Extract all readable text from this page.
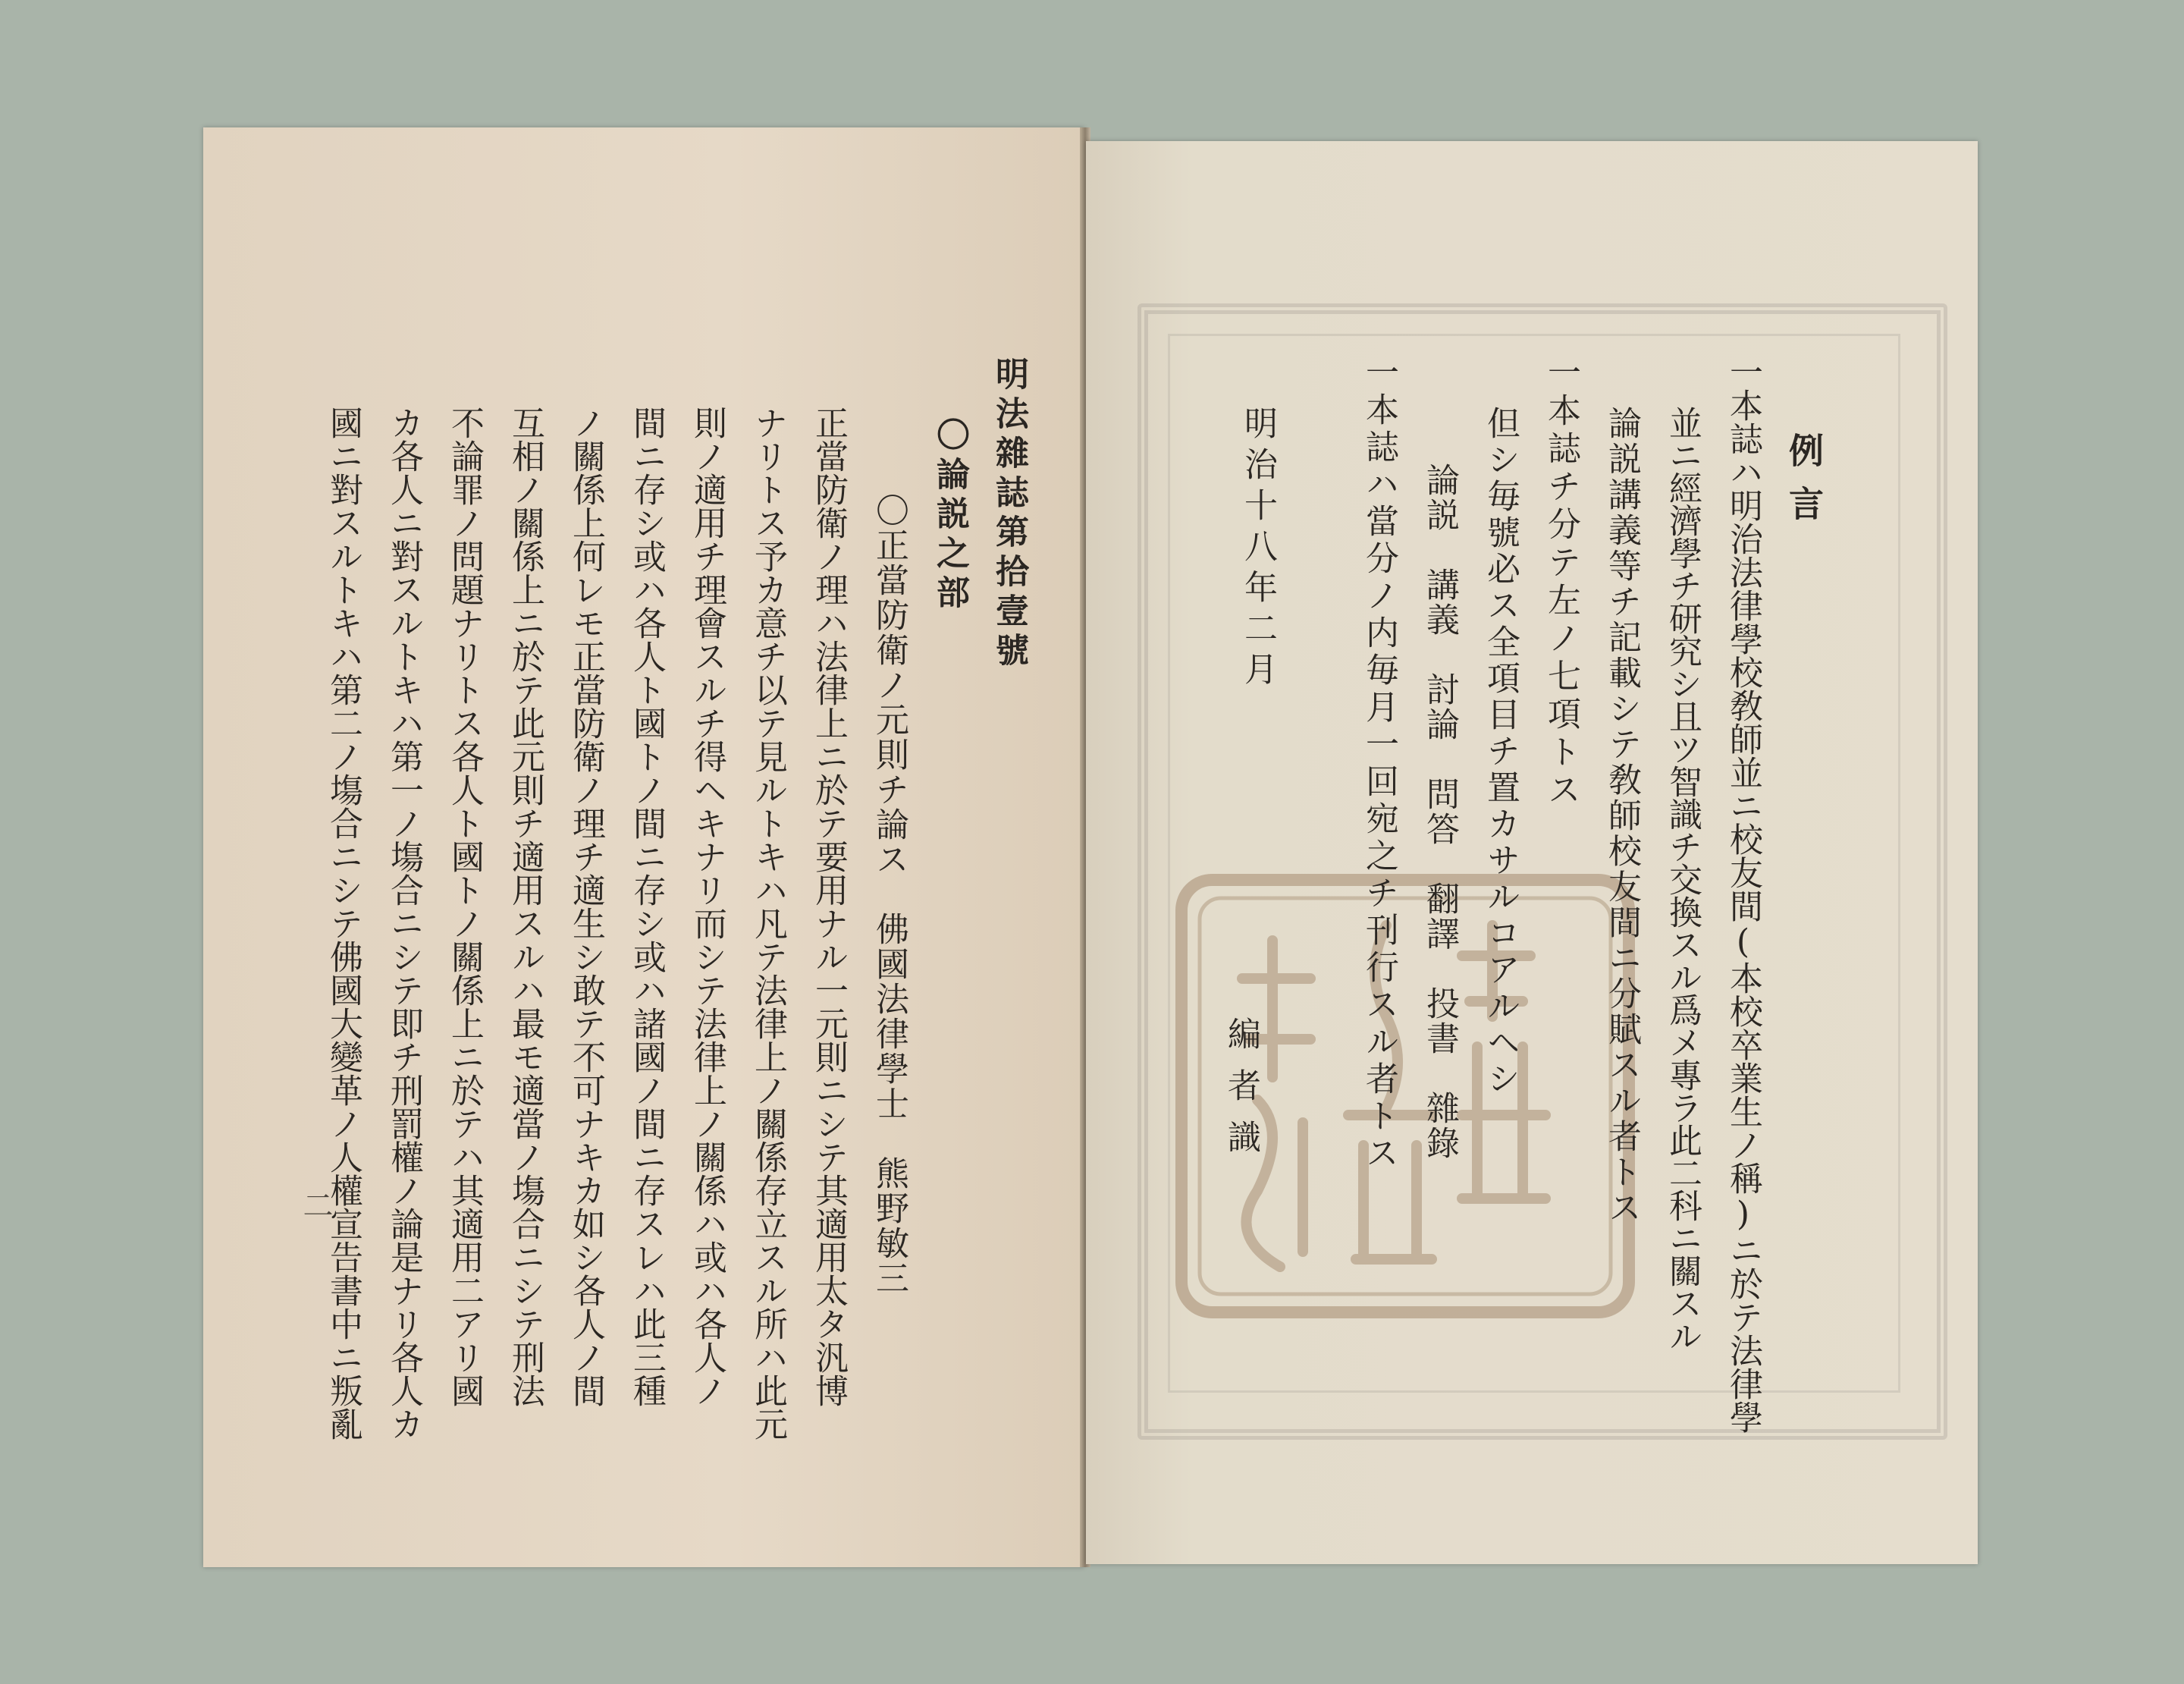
明法雜誌第拾壹號
〇論説之部
〇正當防衛ノ元則チ論ス　佛國法律學士　熊野敏三
正當防衛ノ理ハ法律上ニ於テ要用ナル一元則ニシテ其適用太タ汎博
ナリトス予カ意チ以テ見ルトキハ凡テ法律上ノ關係存立スル所ハ此元
則ノ適用チ理會スルチ得ヘキナリ而シテ法律上ノ關係ハ或ハ各人ノ
間ニ存シ或ハ各人ト國トノ間ニ存シ或ハ諸國ノ間ニ存スレハ此三種
ノ關係上何レモ正當防衛ノ理チ適生シ敢テ不可ナキカ如シ各人ノ間
互相ノ關係上ニ於テ此元則チ適用スルハ最モ適當ノ塲合ニシテ刑法
不論罪ノ問題ナリトス各人ト國トノ關係上ニ於テハ其適用二アリ國
カ各人ニ對スルトキハ第一ノ塲合ニシテ即チ刑罰權ノ論是ナリ各人カ
國ニ對スルトキハ第二ノ塲合ニシテ佛國大變革ノ人權宣告書中ニ叛亂
二
例言
一本誌ハ明治法律學校敎師並ニ校友間(本校卒業生ノ稱)ニ於テ法律學
並ニ經濟學チ研究シ且ツ智識チ交換スル爲メ專ラ此二科ニ關スル
論説講義等チ記載シテ敎師校友間ニ分賦スル者トス
一本誌チ分テ左ノ七項トス
但シ毎號必ス全項目チ置カサルコアルヘシ
論説　講義　討論　問答　翻譯　投書　雜錄
一本誌ハ當分ノ内毎月一回宛之チ刊行スル者トス
明治十八年二月
編者識
